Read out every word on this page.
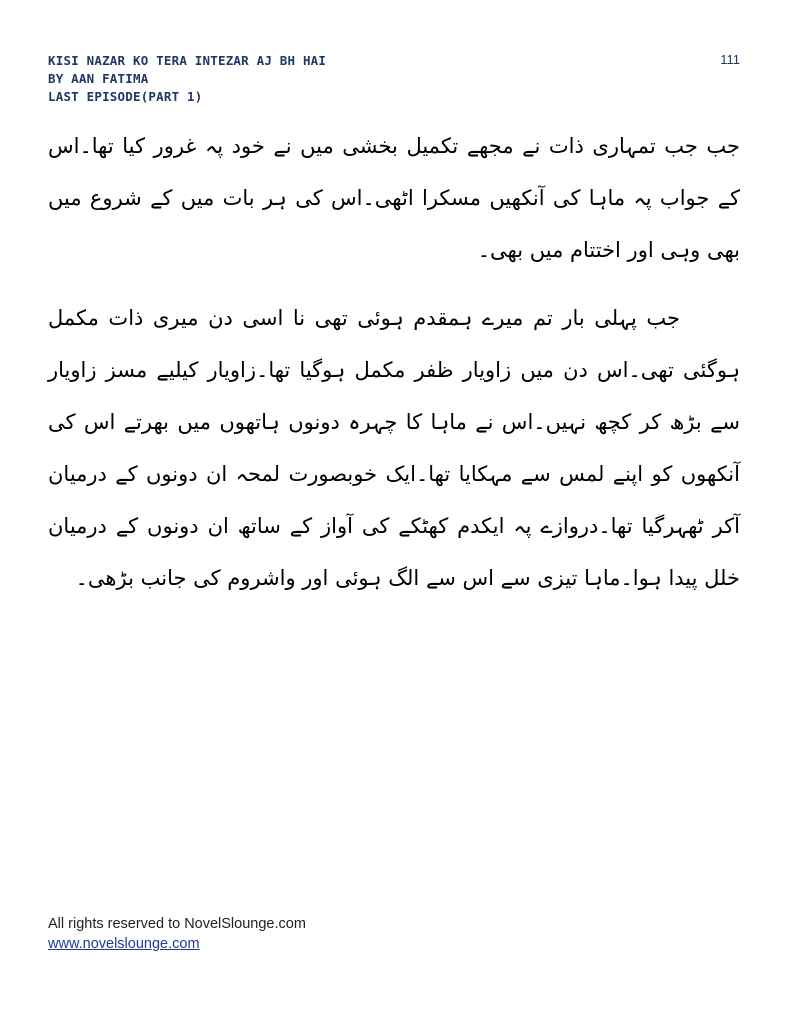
KISI NAZAR KO TERA INTEZAR AJ BH HAI
BY AAN FATIMA
LAST EPISODE(PART 1)
111

جب جب تمہاری ذات نے مجھے تکمیل بخشی میں نے خود پہ غرور کیا تھا۔اس کے جواب پہ ماہا کی آنکھیں مسکرا اٹھی۔اس کی ہر بات میں کے شروع میں بھی وہی اور اختتام میں بھی۔

جب پہلی بار تم میرے ہمقدم ہوئی تھی نا اسی دن میری ذات مکمل ہوگئی تھی۔اس دن میں زاویار ظفر مکمل ہوگیا تھا۔زاویار کیلیے مسز زاویار سے بڑھ کر کچھ نہیں۔اس نے ماہا کا چہرہ دونوں ہاتھوں میں بھرتے اس کی آنکھوں کو اپنے لمس سے مہکایا تھا۔ایک خوبصورت لمحہ ان دونوں کے درمیان آکر ٹھہرگیا تھا۔دروازے پہ ایکدم کھٹکے کی آواز کے ساتھ ان دونوں کے درمیان خلل پیدا ہوا۔ماہا تیزی سے اس سے الگ ہوئی اور واشروم کی جانب بڑھی۔

All rights reserved to NovelSlounge.com
www.novelslounge.com
